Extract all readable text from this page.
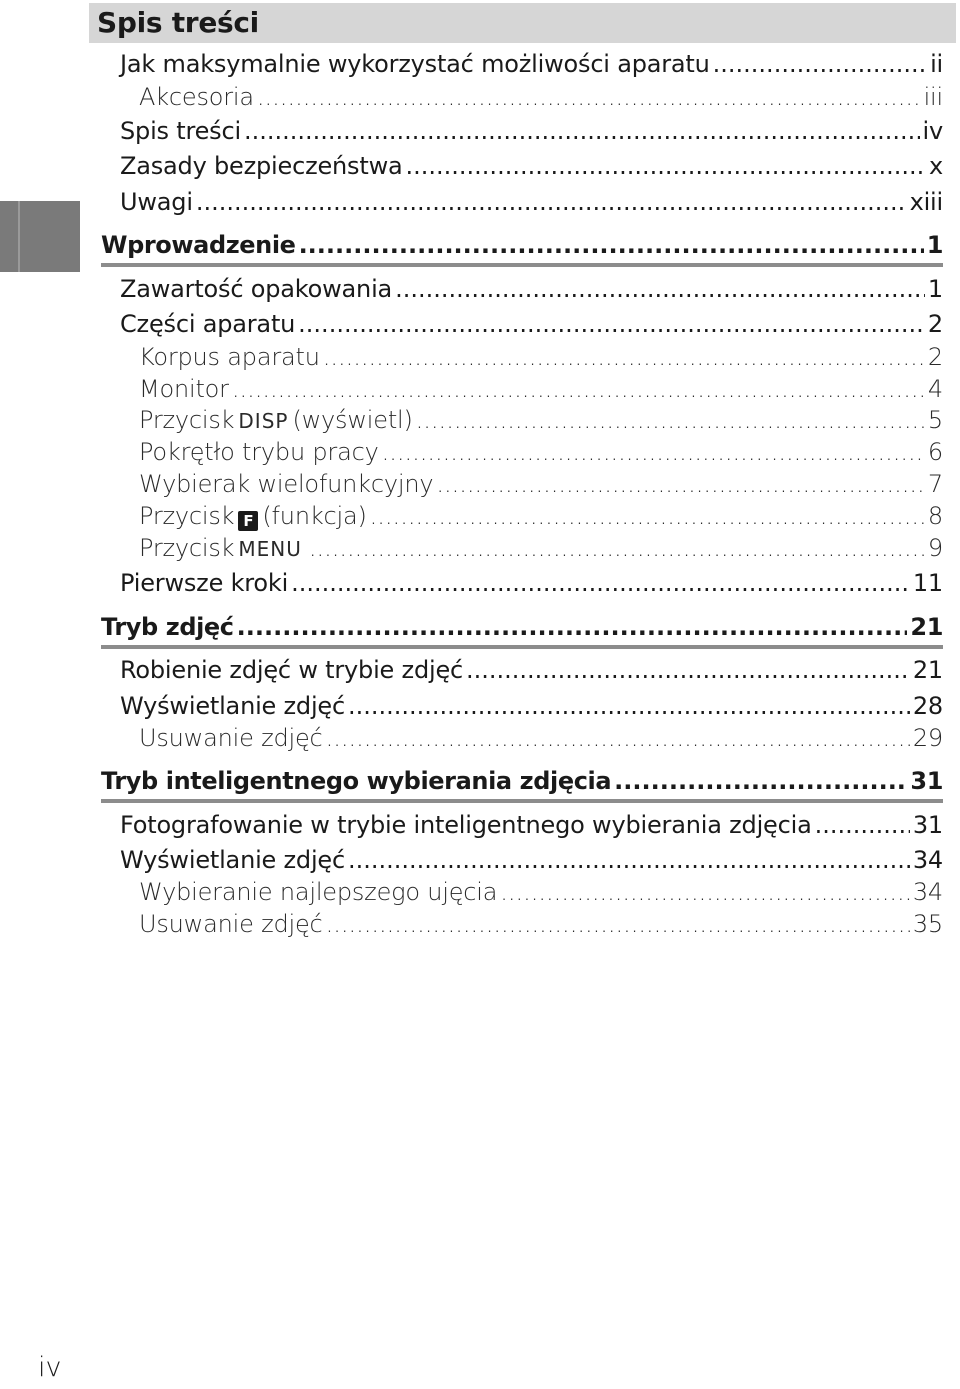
Spis treści
Jak maksymalnie wykorzystać możliwości aparatu .....	ii
Akcesoria .....	iii
Spis treści .....	iv
Zasady bezpieczeństwa .....	x
Uwagi .....	xiii
Wprowadzenie .....	1
Zawartość opakowania .....	1
Części aparatu .....	2
Korpus aparatu .....	2
Monitor .....	4
Przycisk DISP (wyświetl) .....	5
Pokrętło trybu pracy .....	6
Wybierak wielofunkcyjny .....	7
Przycisk F (funkcja) .....	8
Przycisk MENU .....	9
Pierwsze kroki .....	11
Tryb zdjęć .....	21
Robienie zdjęć w trybie zdjęć .....	21
Wyświetlanie zdjęć .....	28
Usuwanie zdjęć .....	29
Tryb inteligentnego wybierania zdjęcia .....	31
Fotografowanie w trybie inteligentnego wybierania zdjęcia .....	31
Wyświetlanie zdjęć .....	34
Wybieranie najlepszego ujęcia .....	34
Usuwanie zdjęć .....	35
iv
